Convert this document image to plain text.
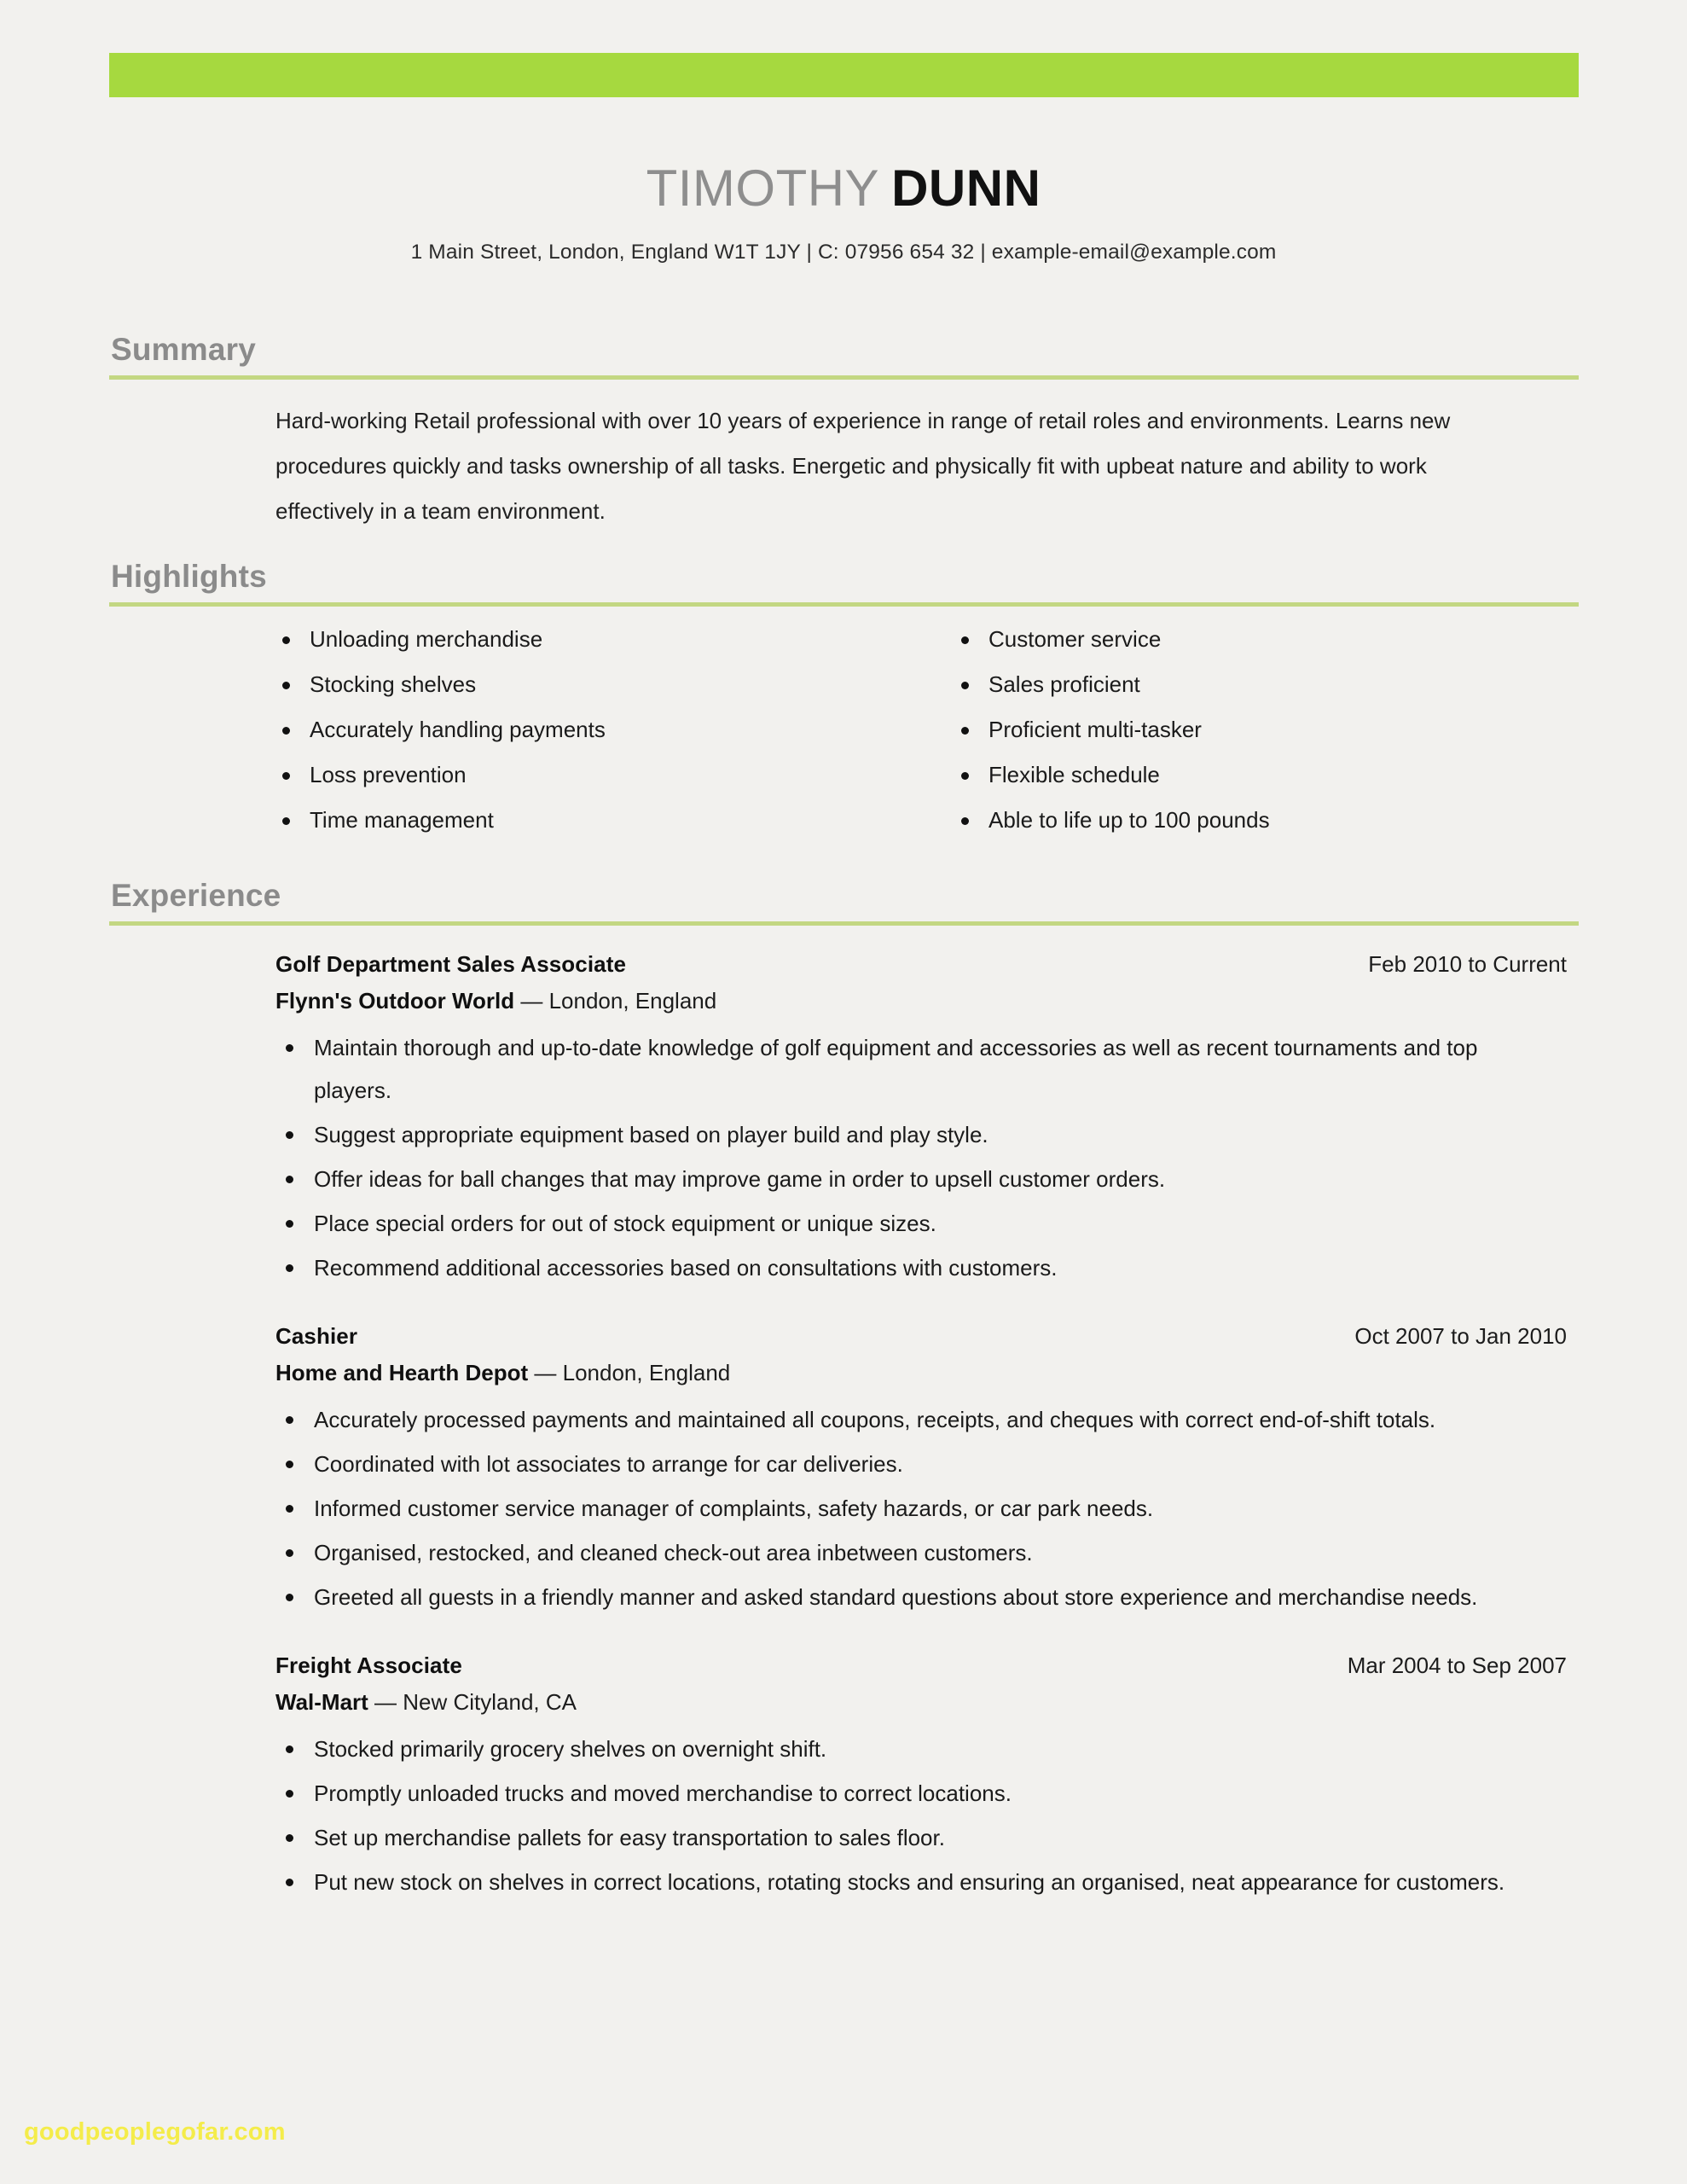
TIMOTHY DUNN
1 Main Street, London, England W1T 1JY | C: 07956 654 32 | example-email@example.com
Summary
Hard-working Retail professional with over 10 years of experience in range of retail roles and environments. Learns new procedures quickly and tasks ownership of all tasks. Energetic and physically fit with upbeat nature and ability to work effectively in a team environment.
Highlights
Unloading merchandise
Stocking shelves
Accurately handling payments
Loss prevention
Time management
Customer service
Sales proficient
Proficient multi-tasker
Flexible schedule
Able to life up to 100 pounds
Experience
Golf Department Sales Associate	Feb 2010 to Current
Flynn's Outdoor World — London, England
Maintain thorough and up-to-date knowledge of golf equipment and accessories as well as recent tournaments and top players.
Suggest appropriate equipment based on player build and play style.
Offer ideas for ball changes that may improve game in order to upsell customer orders.
Place special orders for out of stock equipment or unique sizes.
Recommend additional accessories based on consultations with customers.
Cashier	Oct 2007 to Jan 2010
Home and Hearth Depot — London, England
Accurately processed payments and maintained all coupons, receipts, and cheques with correct end-of-shift totals.
Coordinated with lot associates to arrange for car deliveries.
Informed customer service manager of complaints, safety hazards, or car park needs.
Organised, restocked, and cleaned check-out area inbetween customers.
Greeted all guests in a friendly manner and asked standard questions about store experience and merchandise needs.
Freight Associate	Mar 2004 to Sep 2007
Wal-Mart — New Cityland, CA
Stocked primarily grocery shelves on overnight shift.
Promptly unloaded trucks and moved merchandise to correct locations.
Set up merchandise pallets for easy transportation to sales floor.
Put new stock on shelves in correct locations, rotating stocks and ensuring an organised, neat appearance for customers.
goodpeoplegofar.com
